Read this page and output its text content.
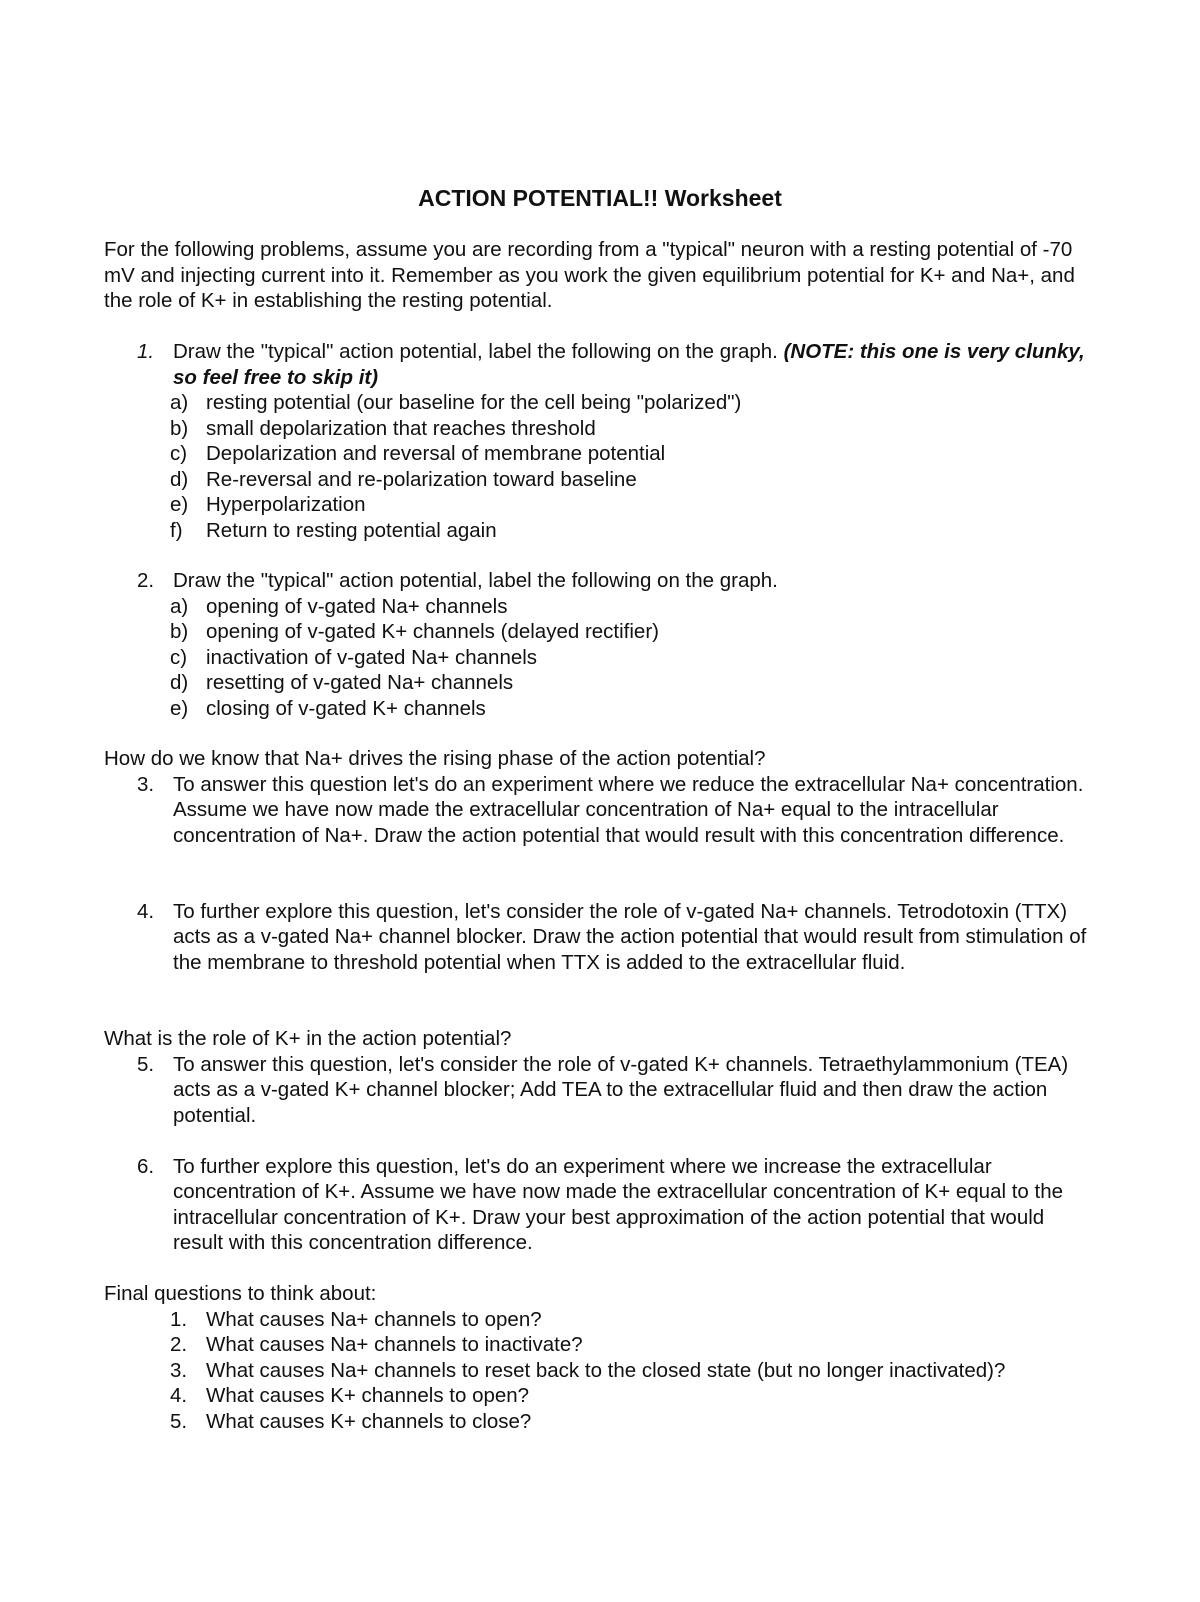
ACTION POTENTIAL!! Worksheet

For the following problems, assume you are recording from a "typical" neuron with a resting potential of -70 mV and injecting current into it. Remember as you work the given equilibrium potential for K+ and Na+, and the role of K+ in establishing the resting potential.

1. Draw the "typical" action potential, label the following on the graph. (NOTE: this one is very clunky, so feel free to skip it)
a) resting potential (our baseline for the cell being "polarized")
b) small depolarization that reaches threshold
c) Depolarization and reversal of membrane potential
d) Re-reversal and re-polarization toward baseline
e) Hyperpolarization
f)	Return to resting potential again
2. Draw the "typical" action potential, label the following on the graph.
a) opening of v-gated Na+ channels
b) opening of v-gated K+ channels (delayed rectifier)
c) inactivation of v-gated Na+ channels
d) resetting of v-gated Na+ channels
e) closing of v-gated K+ channels

How do we know that Na+ drives the rising phase of the action potential?

3. To answer this question let's do an experiment where we reduce the extracellular Na+ concentration. Assume we have now made the extracellular concentration of Na+ equal to the intracellular concentration of Na+. Draw the action potential that would result with this concentration difference.
4. To further explore this question, let's consider the role of v-gated Na+ channels. Tetrodotoxin (TTX) acts as a v-gated Na+ channel blocker. Draw the action potential that would result from stimulation of the membrane to threshold potential when TTX is added to the extracellular fluid.

What is the role of K+ in the action potential?

5. To answer this question, let's consider the role of v-gated K+ channels. Tetraethylammonium (TEA) acts as a v-gated K+ channel blocker; Add TEA to the extracellular fluid and then draw the action potential.
6. To further explore this question, let's do an experiment where we increase the extracellular concentration of K+. Assume we have now made the extracellular concentration of K+ equal to the intracellular concentration of K+. Draw your best approximation of the action potential that would result with this concentration difference.

Final questions to think about:

1. What causes Na+ channels to open?
2. What causes Na+ channels to inactivate?
3. What causes Na+ channels to reset back to the closed state (but no longer inactivated)?
4. What causes K+ channels to open?
5. What causes K+ channels to close?
